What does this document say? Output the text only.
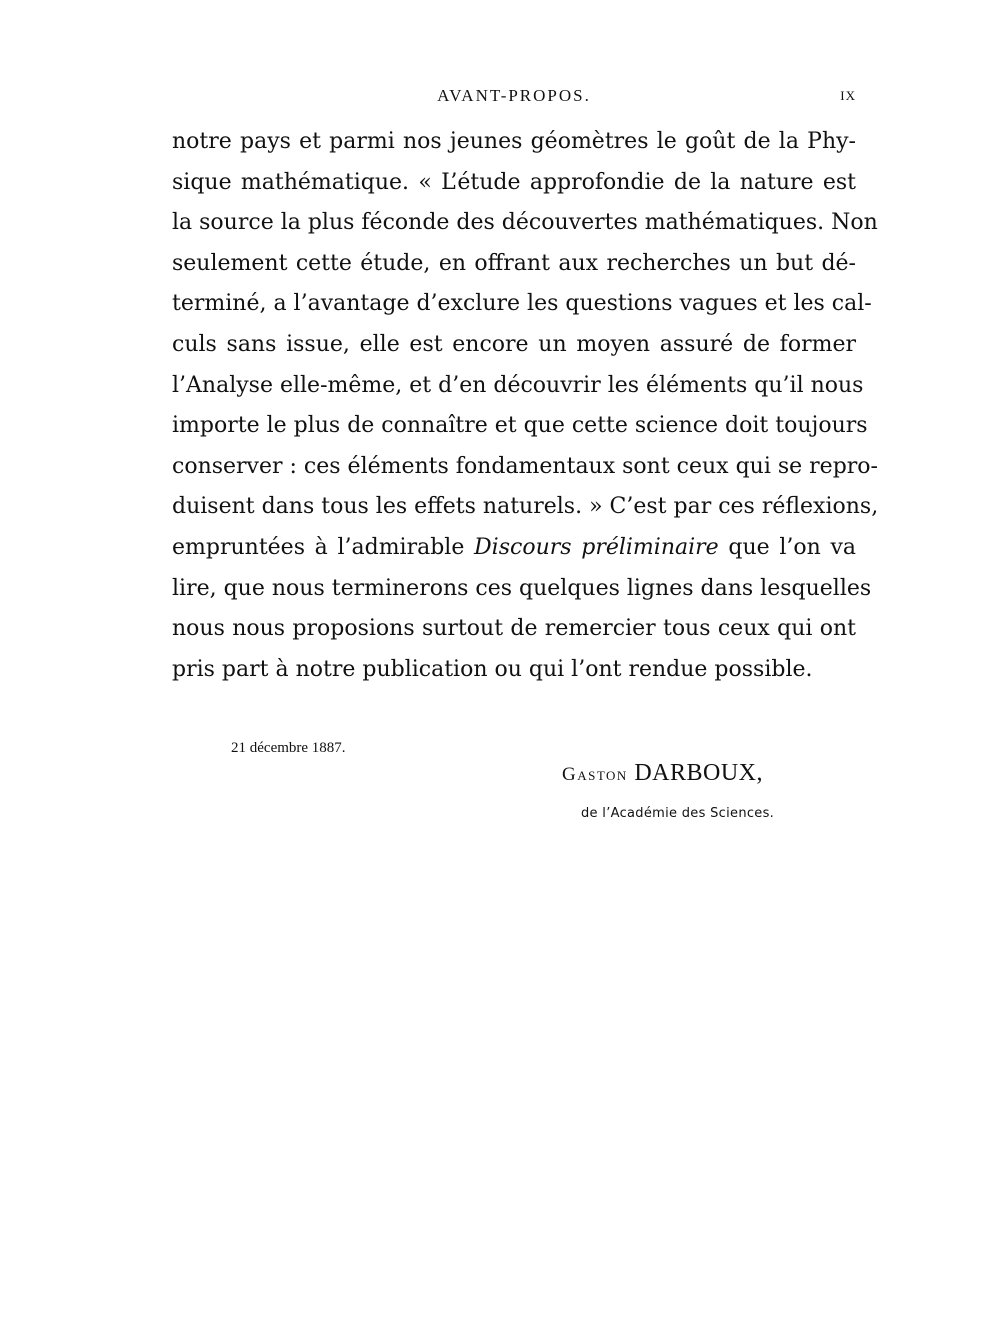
AVANT-PROPOS.	IX
notre pays et parmi nos jeunes géomètres le goût de la Phy-
sique mathématique. « L’étude approfondie de la nature est
la source la plus féconde des découvertes mathématiques. Non
seulement cette étude, en offrant aux recherches un but dé-
terminé, a l’avantage d’exclure les questions vagues et les cal-
culs sans issue, elle est encore un moyen assuré de former
l’Analyse elle-même, et d’en découvrir les éléments qu’il nous
importe le plus de connaître et que cette science doit toujours
conserver : ces éléments fondamentaux sont ceux qui se repro-
duisent dans tous les effets naturels. » C’est par ces réflexions,
empruntées à l’admirable Discours préliminaire que l’on va
lire, que nous terminerons ces quelques lignes dans lesquelles
nous nous proposions surtout de remercier tous ceux qui ont
pris part à notre publication ou qui l’ont rendue possible.
21 décembre 1887.
Gaston DARBOUX,
de l’Académie des Sciences.
